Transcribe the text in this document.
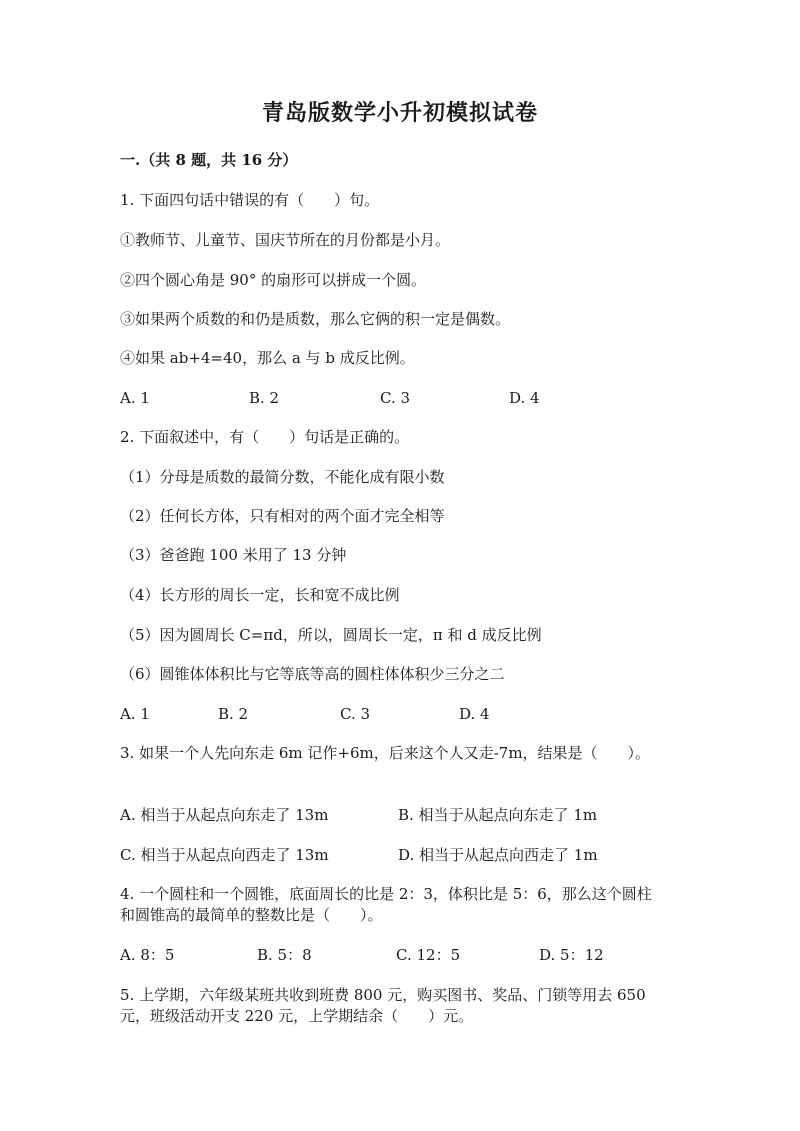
青岛版数学小升初模拟试卷
一.（共 8 题，共 16 分）
1. 下面四句话中错误的有（　　）句。
①教师节、儿童节、国庆节所在的月份都是小月。
②四个圆心角是 90° 的扇形可以拼成一个圆。
③如果两个质数的和仍是质数，那么它俩的积一定是偶数。
④如果 ab+4=40，那么 a 与 b 成反比例。
A. 1	B. 2	C. 3	D. 4
2. 下面叙述中，有（　　）句话是正确的。
（1）分母是质数的最简分数，不能化成有限小数
（2）任何长方体，只有相对的两个面才完全相等
（3）爸爸跑 100 米用了 13 分钟
（4）长方形的周长一定，长和宽不成比例
（5）因为圆周长 C=πd，所以，圆周长一定，π 和 d 成反比例
（6）圆锥体体积比与它等底等高的圆柱体体积少三分之二
A. 1	B. 2	C. 3	D. 4
3. 如果一个人先向东走 6m 记作+6m，后来这个人又走-7m，结果是（　　）。
A. 相当于从起点向东走了 13m	B. 相当于从起点向东走了 1m
C. 相当于从起点向西走了 13m	D. 相当于从起点向西走了 1m
4. 一个圆柱和一个圆锥，底面周长的比是 2：3，体积比是 5：6，那么这个圆柱
和圆锥高的最简单的整数比是（　　）。
A. 8：5	B. 5：8	C. 12：5	D. 5：12
5. 上学期，六年级某班共收到班费 800 元，购买图书、奖品、门锁等用去 650
元，班级活动开支 220 元，上学期结余（　　）元。
